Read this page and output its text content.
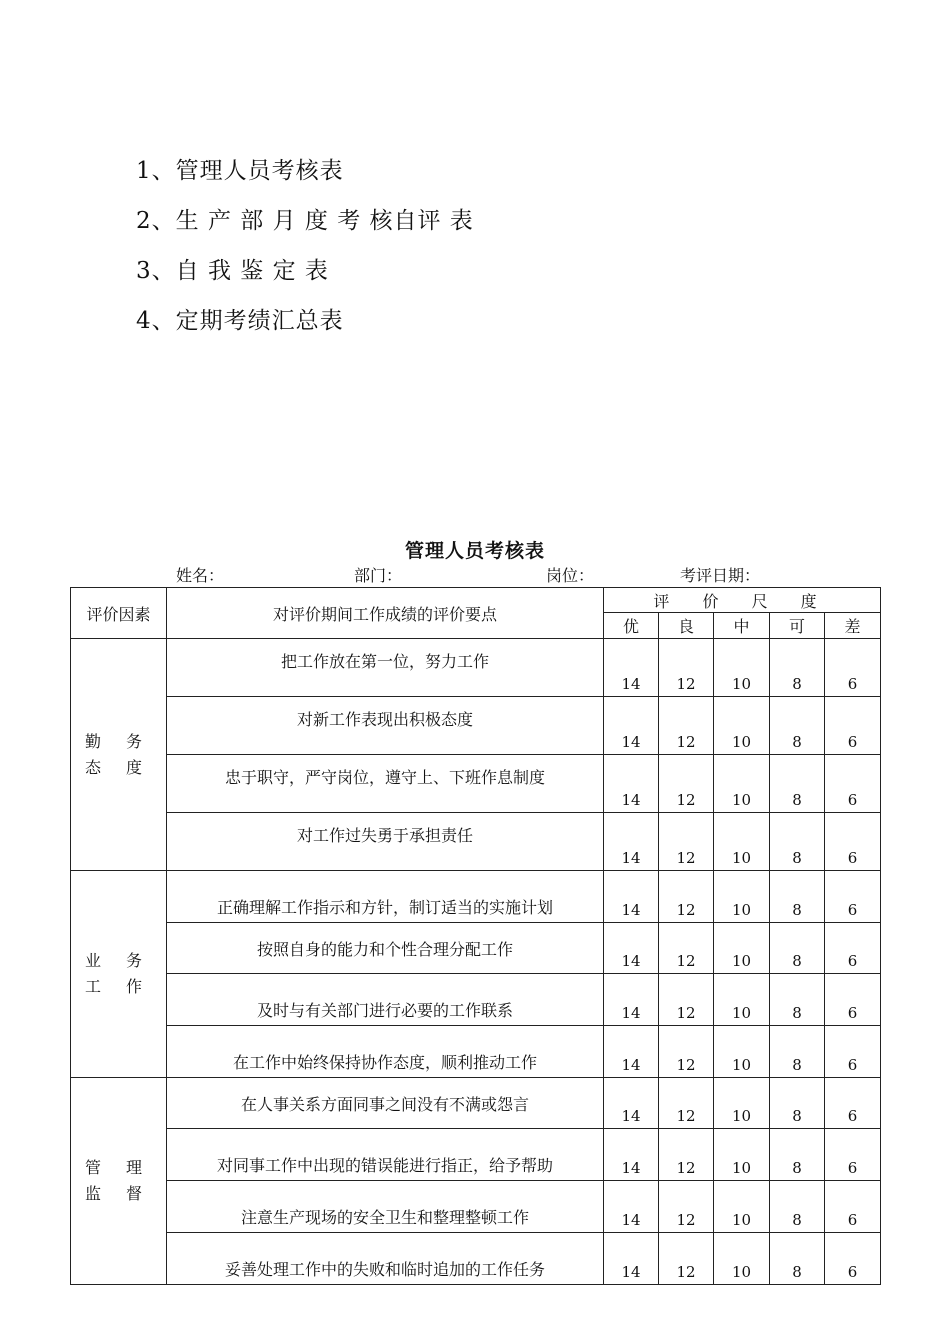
1、管理人员考核表
2、生 产 部 月 度 考 核自评 表
3、自 我 鉴 定 表
4、定期考绩汇总表
管理人员考核表
姓名：	部门：	岗位：	考评日期：
评价因素	对评价期间工作成绩的评价要点	评 价 尺 度				
		优	良	中	可	差

勤 务
态 度	把工作放在第一位，努力工作	14	12	10	8	6

	对新工作表现出积极态度	14	12	10	8	6

	忠于职守，严守岗位，遵守上、下班作息制度	14	12	10	8	6

	对工作过失勇于承担责任	14	12	10	8	6

业 务
工 作	正确理解工作指示和方针，制订适当的实施计划	14	12	10	8	6

	按照自身的能力和个性合理分配工作	14	12	10	8	6

	及时与有关部门进行必要的工作联系	14	12	10	8	6

	在工作中始终保持协作态度，顺利推动工作	14	12	10	8	6

管 理
监 督	在人事关系方面同事之间没有不满或怨言	14	12	10	8	6

	对同事工作中出现的错误能进行指正，给予帮助	14	12	10	8	6

	注意生产现场的安全卫生和整理整顿工作	14	12	10	8	6

	妥善处理工作中的失败和临时追加的工作任务	14	12	10	8	6
